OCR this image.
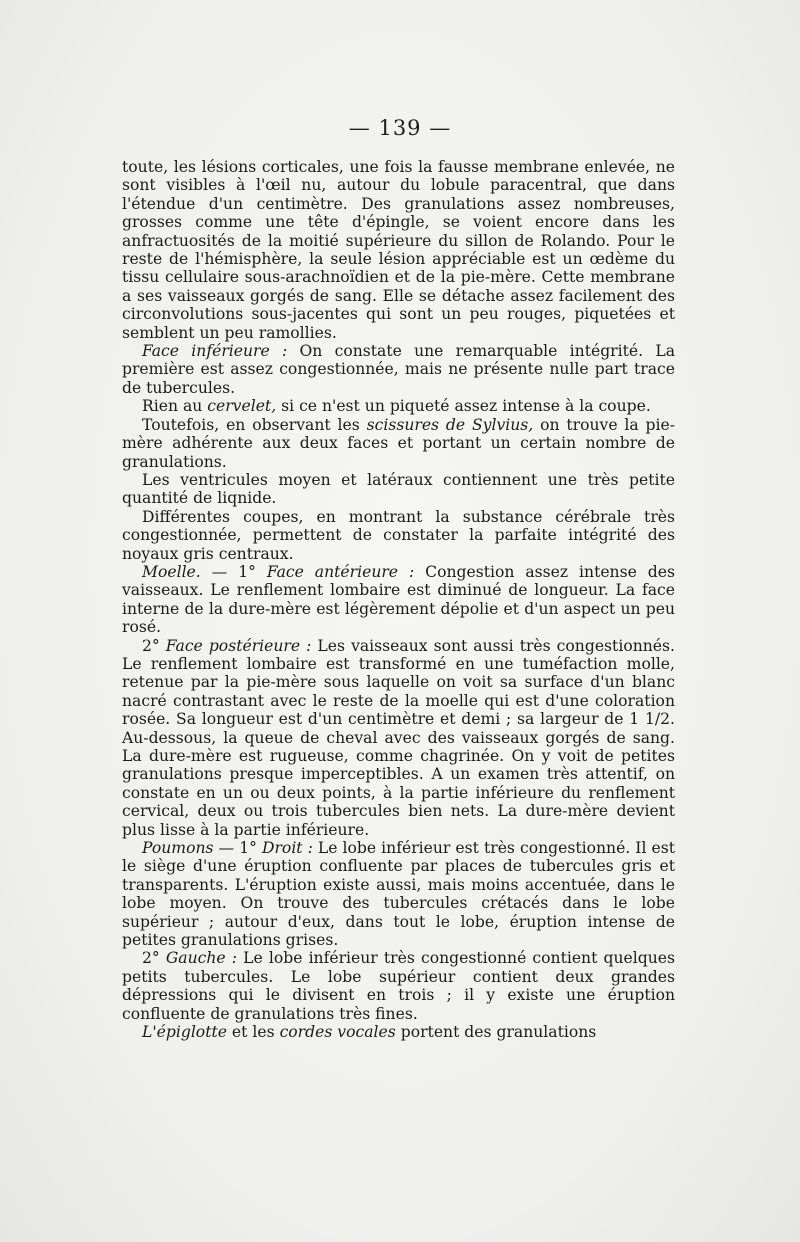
— 139 —

toute, les lésions corticales, une fois la fausse membrane enlevée, ne sont visibles à l'œil nu, autour du lobule paracentral, que dans l'étendue d'un centimètre. Des granulations assez nombreuses, grosses comme une tête d'épingle, se voient encore dans les anfractuosités de la moitié supérieure du sillon de Rolando. Pour le reste de l'hémisphère, la seule lésion appréciable est un œdème du tissu cellulaire sous-arachnoïdien et de la pie-mère. Cette membrane a ses vaisseaux gorgés de sang. Elle se détache assez facilement des circonvolutions sous-jacentes qui sont un peu rouges, piquetées et semblent un peu ramollies.

Face inférieure : On constate une remarquable intégrité. La première est assez congestionnée, mais ne présente nulle part trace de tubercules.

Rien au cervelet, si ce n'est un piqueté assez intense à la coupe.

Toutefois, en observant les scissures de Sylvius, on trouve la pie-mère adhérente aux deux faces et portant un certain nombre de granulations.

Les ventricules moyen et latéraux contiennent une très petite quantité de liqnide.

Différentes coupes, en montrant la substance cérébrale très congestionnée, permettent de constater la parfaite intégrité des noyaux gris centraux.

Moelle. — 1° Face antérieure : Congestion assez intense des vaisseaux. Le renflement lombaire est diminué de longueur. La face interne de la dure-mère est légèrement dépolie et d'un aspect un peu rosé.

2° Face postérieure : Les vaisseaux sont aussi très congestionnés. Le renflement lombaire est transformé en une tuméfaction molle, retenue par la pie-mère sous laquelle on voit sa surface d'un blanc nacré contrastant avec le reste de la moelle qui est d'une coloration rosée. Sa longueur est d'un centimètre et demi ; sa largeur de 1 1/2. Au-dessous, la queue de cheval avec des vaisseaux gorgés de sang. La dure-mère est rugueuse, comme chagrinée. On y voit de petites granulations presque imperceptibles. A un examen très attentif, on constate en un ou deux points, à la partie inférieure du renflement cervical, deux ou trois tubercules bien nets. La dure-mère devient plus lisse à la partie inférieure.

Poumons — 1° Droit : Le lobe inférieur est très congestionné. Il est le siège d'une éruption confluente par places de tubercules gris et transparents. L'éruption existe aussi, mais moins accentuée, dans le lobe moyen. On trouve des tubercules crétacés dans le lobe supérieur ; autour d'eux, dans tout le lobe, éruption intense de petites granulations grises.

2° Gauche : Le lobe inférieur très congestionné contient quelques petits tubercules. Le lobe supérieur contient deux grandes dépressions qui le divisent en trois ; il y existe une éruption confluente de granulations très fines.

L'épiglotte et les cordes vocales portent des granulations
